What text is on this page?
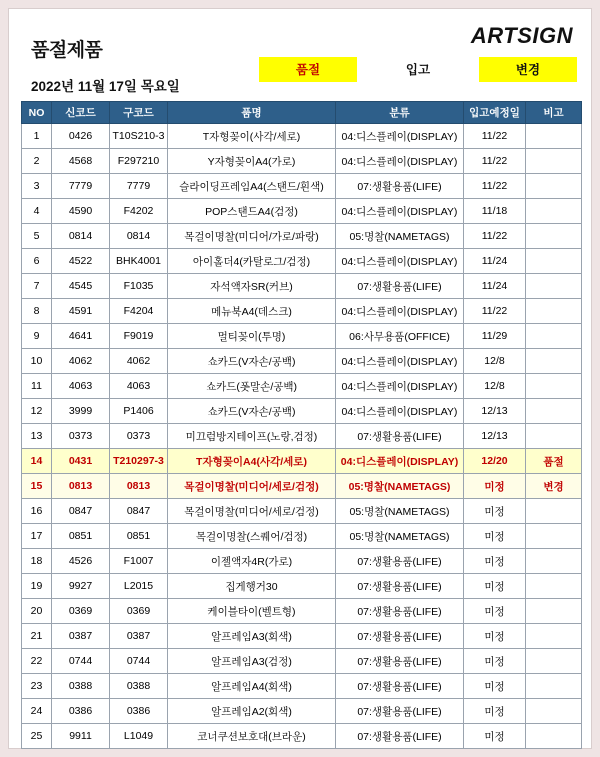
품절제품
2022년 11월 17일 목요일
ARTSIGN
품절	입고	변경
NO	신코드	구코드	품명	분류	입고예정일	비고
1	0426	T10S210-3	T자형꽂이(사각/세로)	04:디스플레이(DISPLAY)	11/22	
2	4568	F297210	Y자형꽂이A4(가로)	04:디스플레이(DISPLAY)	11/22	
3	7779	7779	슬라이딩프레임A4(스탠드/흰색)	07:생활용품(LIFE)	11/22	
4	4590	F4202	POP스탠드A4(검정)	04:디스플레이(DISPLAY)	11/18	
5	0814	0814	목걸이명찰(미디어/가로/파랑)	05:명찰(NAMETAGS)	11/22	
6	4522	BHK4001	아이홀더4(카탈로그/검정)	04:디스플레이(DISPLAY)	11/24	
7	4545	F1035	자석액자SR(커브)	07:생활용품(LIFE)	11/24	
8	4591	F4204	메뉴북A4(데스크)	04:디스플레이(DISPLAY)	11/22	
9	4641	F9019	멀티꽂이(투명)	06:사무용품(OFFICE)	11/29	
10	4062	4062	쇼카드(V자손/공백)	04:디스플레이(DISPLAY)	12/8	
11	4063	4063	쇼카드(폿말손/공백)	04:디스플레이(DISPLAY)	12/8	
12	3999	P1406	쇼카드(V자손/공백)	04:디스플레이(DISPLAY)	12/13	
13	0373	0373	미끄럼방지테이프(노랑,검정)	07:생활용품(LIFE)	12/13	
14	0431	T210297-3	T자형꽂이A4(사각/세로)	04:디스플레이(DISPLAY)	12/20	품절
15	0813	0813	목걸이명찰(미디어/세로/검정)	05:명찰(NAMETAGS)	미정	변경
16	0847	0847	목걸이명찰(미디어/세로/검정)	05:명찰(NAMETAGS)	미정	
17	0851	0851	목걸이명찰(스퀘어/검정)	05:명찰(NAMETAGS)	미정	
18	4526	F1007	이젤액자4R(가로)	07:생활용품(LIFE)	미정	
19	9927	L2015	집게행거30	07:생활용품(LIFE)	미정	
20	0369	0369	케이블타이(벨트형)	07:생활용품(LIFE)	미정	
21	0387	0387	알프레임A3(회색)	07:생활용품(LIFE)	미정	
22	0744	0744	알프레임A3(검정)	07:생활용품(LIFE)	미정	
23	0388	0388	알프레임A4(회색)	07:생활용품(LIFE)	미정	
24	0386	0386	알프레임A2(회색)	07:생활용품(LIFE)	미정	
25	9911	L1049	코너쿠션보호대(브라운)	07:생활용품(LIFE)	미정	
